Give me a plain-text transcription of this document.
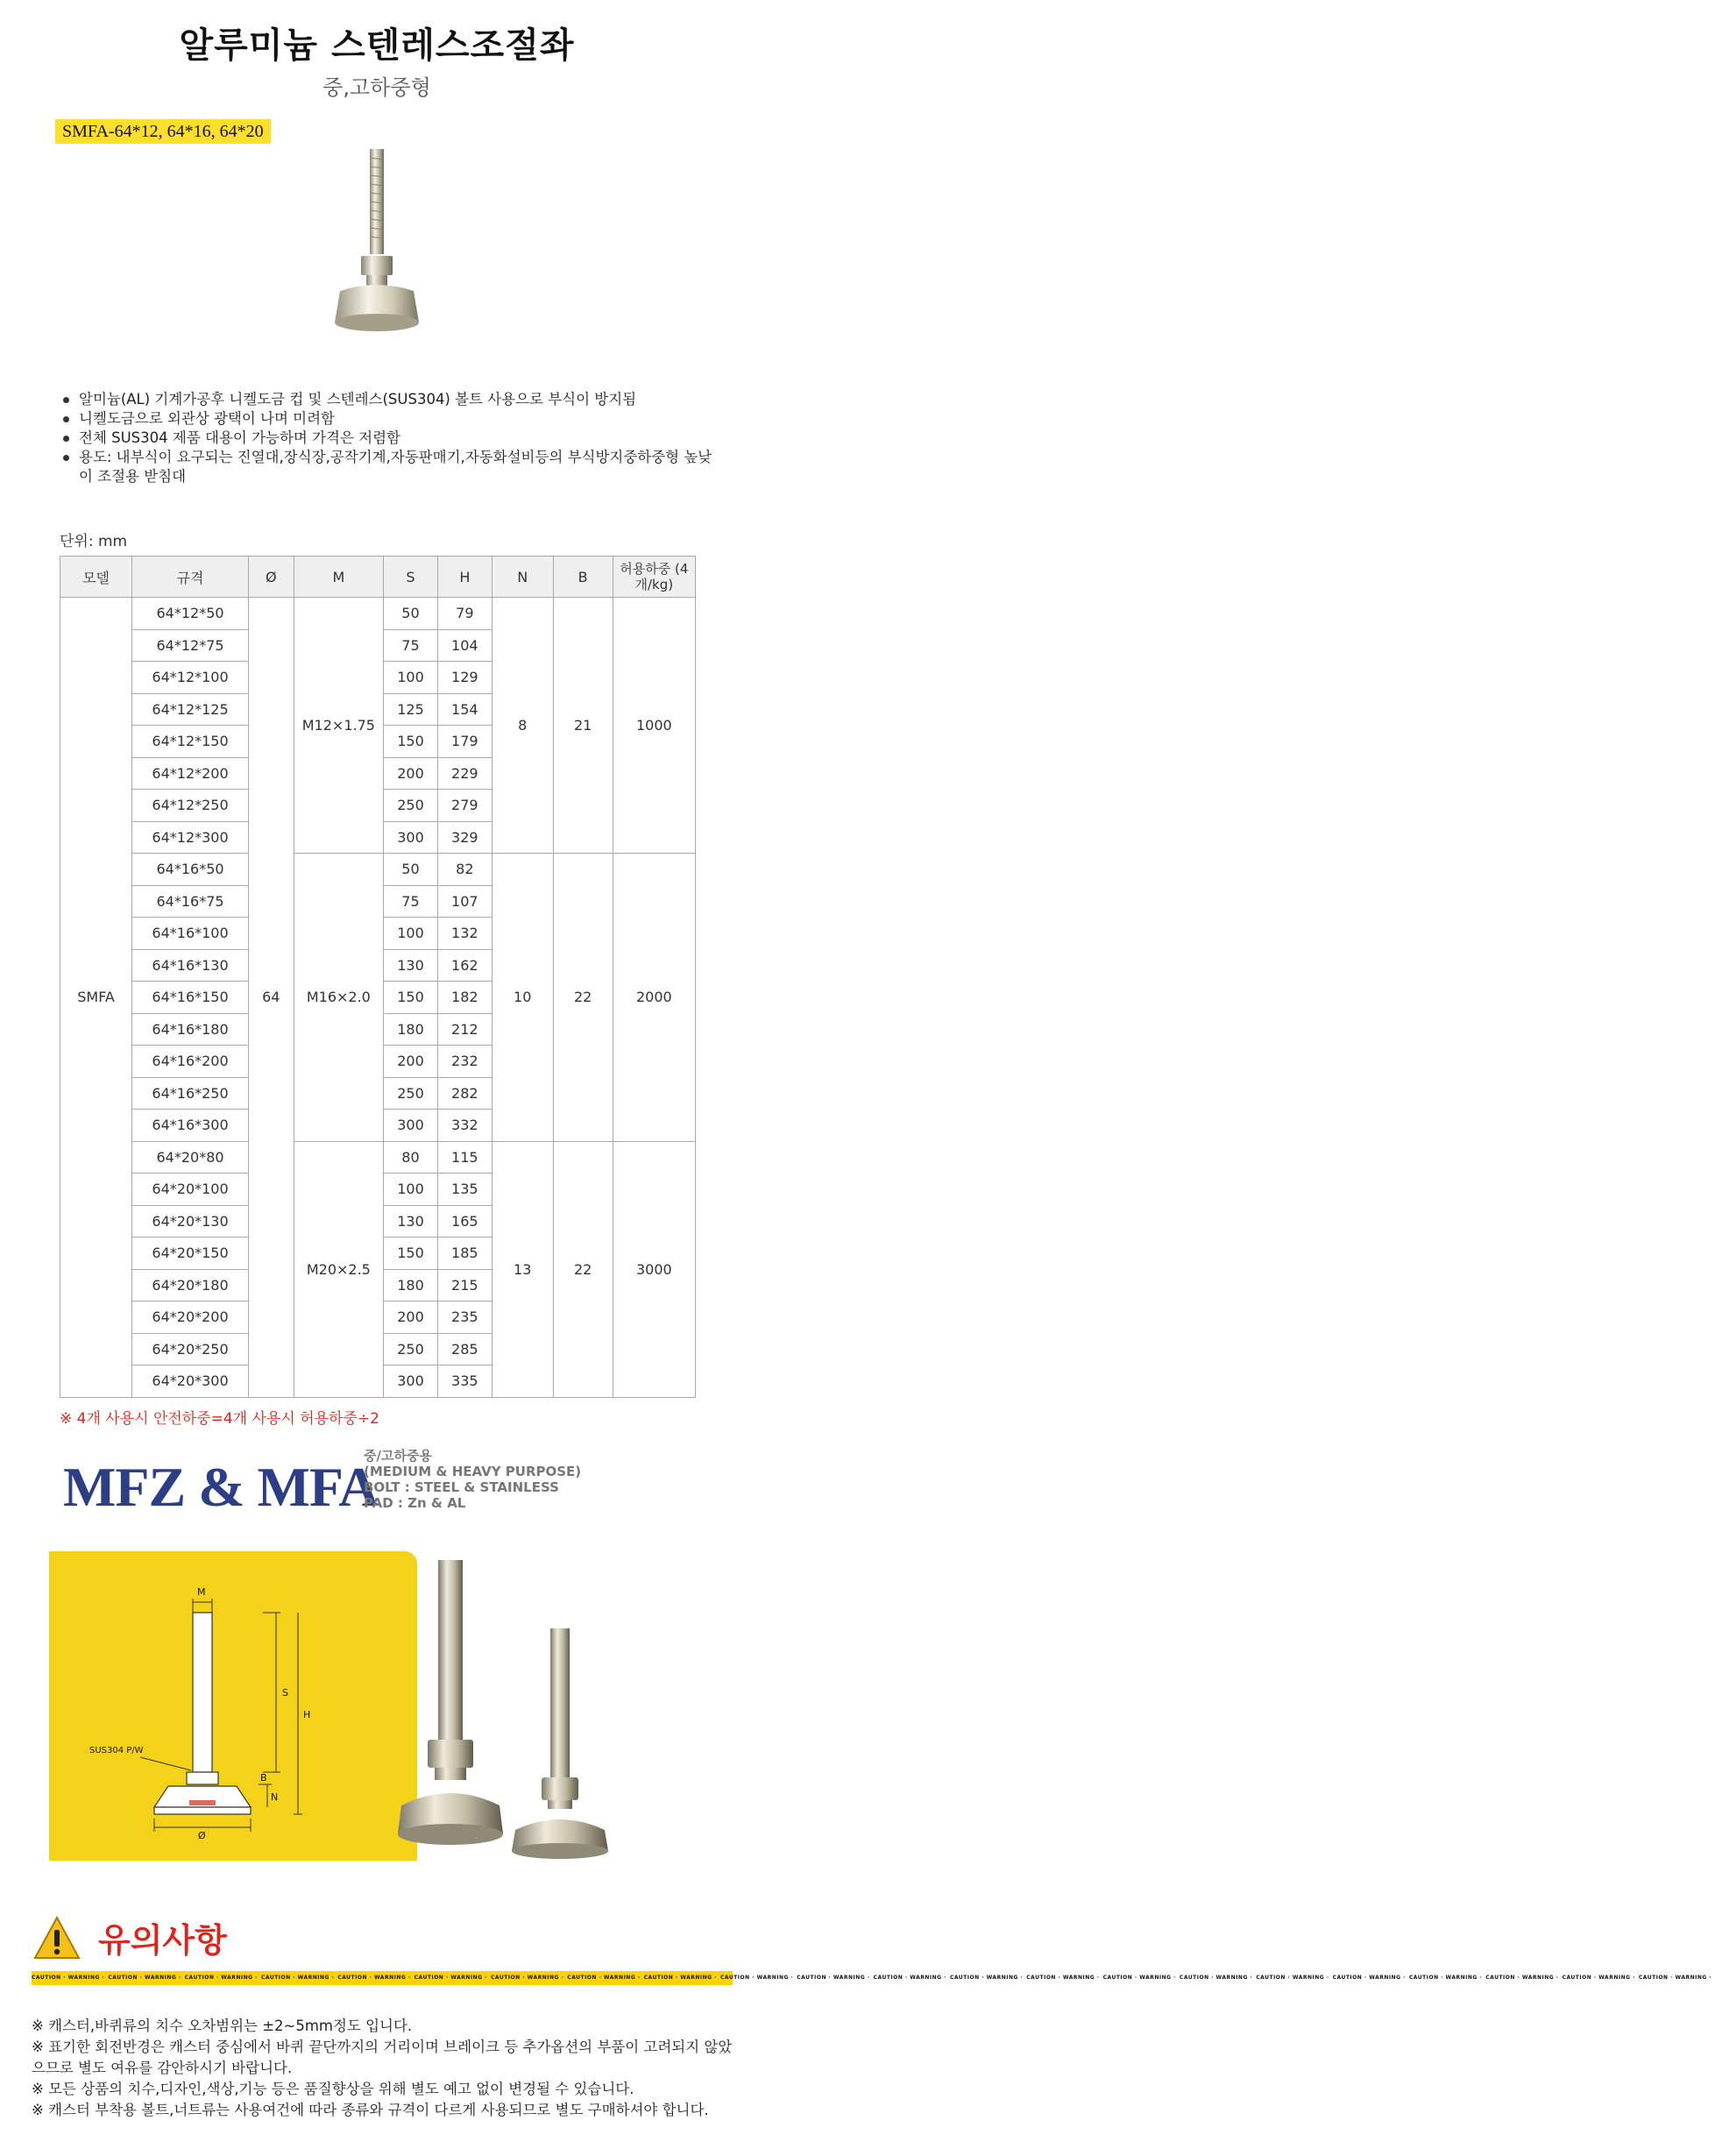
알루미늄 스텐레스조절좌
중,고하중형
SMFA-64*12, 64*16, 64*20
알미늄(AL) 기계가공후 니켈도금 컵 및 스텐레스(SUS304) 볼트 사용으로 부식이 방지됨
니켈도금으로 외관상 광택이 나며 미려함
전체 SUS304 제품 대용이 가능하며 가격은 저렴함
용도: 내부식이 요구되는 진열대,장식장,공작기계,자동판매기,자동화설비등의 부식방지중하중형 높낮이 조절용 받침대
단위: mm
모델	규격	Ø	M	S	H	N	B	허용하중 (4개/kg)
SMFA	64*12*50	64	M12×1.75	50	79	8	21	1000
	64*12*75			75	104			
	64*12*100			100	129			
	64*12*125			125	154			
	64*12*150			150	179			
	64*12*200			200	229			
	64*12*250			250	279			
	64*12*300			300	329			
	64*16*50		M16×2.0	50	82	10	22	2000
	64*16*75			75	107			
	64*16*100			100	132			
	64*16*130			130	162			
	64*16*150			150	182			
	64*16*180			180	212			
	64*16*200			200	232			
	64*16*250			250	282			
	64*16*300			300	332			
	64*20*80		M20×2.5	80	115	13	22	3000
	64*20*100			100	135			
	64*20*130			130	165			
	64*20*150			150	185			
	64*20*180			180	215			
	64*20*200			200	235			
	64*20*250			250	285			
	64*20*300			300	335			
※ 4개 사용시 안전하중=4개 사용시 허용하중÷2
MFZ & MFA
중/고하중용
(MEDIUM & HEAVY PURPOSE)
BOLT : STEEL & STAINLESS
PAD : Zn & AL
M
S
H
B
N
Ø
SUS304 P/W
유의사항
CAUTION · WARNING · CAUTION · WARNING · CAUTION · WARNING · CAUTION · WARNING · CAUTION · WARNING · CAUTION · WARNING · CAUTION · WARNING · CAUTION · WARNING · CAUTION · WARNING · CAUTION · WARNING · CAUTION · WARNING · CAUTION · WARNING · CAUTION · WARNING · CAUTION · WARNING · CAUTION · WARNING · CAUTION · WARNING · CAUTION · WARNING · CAUTION · WARNING · CAUTION · WARNING · CAUTION · WARNING · CAUTION · WARNING · CAUTION · WARNING ·
※ 캐스터,바퀴류의 치수 오차범위는 ±2~5mm정도 입니다.
※ 표기한 회전반경은 캐스터 중심에서 바퀴 끝단까지의 거리이며 브레이크 등 추가옵션의 부품이 고려되지 않았으므로 별도 여유를 감안하시기 바랍니다.
※ 모든 상품의 치수,디자인,색상,기능 등은 품질향상을 위해 별도 예고 없이 변경될 수 있습니다.
※ 캐스터 부착용 볼트,너트류는 사용여건에 따라 종류와 규격이 다르게 사용되므로 별도 구매하셔야 합니다.
